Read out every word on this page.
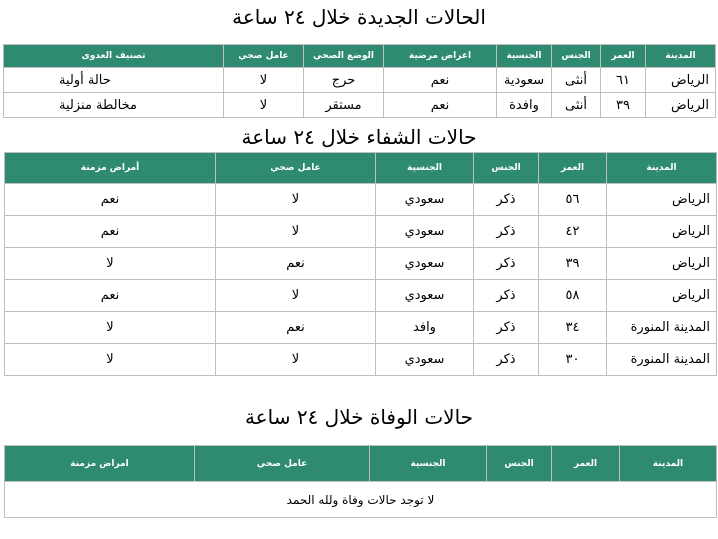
الحالات الجديدة خلال ٢٤ ساعة
المدينة	العمر	الجنس	الجنسية	اعراض مرضية	الوضع الصحي	عامل صحي	تصنيف العدوى
الرياض	٦١	أنثى	سعودية	نعم	حرج	لا	حالة أولية
الرياض	٣٩	أنثى	وافدة	نعم	مستقر	لا	مخالطة منزلية
حالات الشفاء خلال ٢٤ ساعة
المدينة	العمر	الجنس	الجنسية	عامل صحي	أمراض مزمنة
الرياض	٥٦	ذكر	سعودي	لا	نعم
الرياض	٤٢	ذكر	سعودي	لا	نعم
الرياض	٣٩	ذكر	سعودي	نعم	لا
الرياض	٥٨	ذكر	سعودي	لا	نعم
المدينة المنورة	٣٤	ذكر	وافد	نعم	لا
المدينة المنورة	٣٠	ذكر	سعودي	لا	لا
حالات الوفاة خلال ٢٤ ساعة
المدينة	العمر	الجنس	الجنسية	عامل صحي	امراض مزمنة
لا توجد حالات وفاة ولله الحمد
